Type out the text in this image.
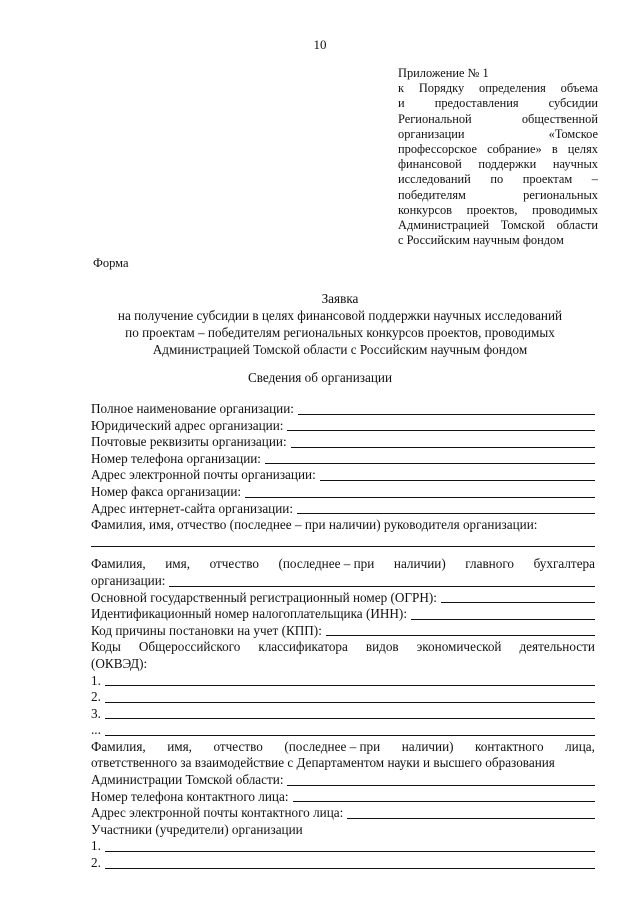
10
Приложение № 1
к Порядку определения объема
и предоставления субсидии
Региональной	общественной
организации	«Томское
профессорское собрание» в целях
финансовой поддержки научных
исследований по проектам –
победителям	региональных
конкурсов проектов, проводимых
Администрацией Томской области
с Российским научным фондом
Форма
Заявка
на получение субсидии в целях финансовой поддержки научных исследований
по проектам – победителям региональных конкурсов проектов, проводимых
Администрацией Томской области с Российским научным фондом
Сведения об организации
Полное наименование организации:
Юридический адрес организации:
Почтовые реквизиты организации:
Номер телефона организации:
Адрес электронной почты организации:
Номер факса организации:
Адрес интернет-сайта организации:
Фамилия, имя, отчество (последнее – при наличии) руководителя организации:
Фамилия, имя, отчество (последнее – при наличии) главного бухгалтера
организации:
Основной государственный регистрационный номер (ОГРН):
Идентификационный номер налогоплательщика (ИНН):
Код причины постановки на учет (КПП):
Коды Общероссийского классификатора видов экономической деятельности
(ОКВЭД):
1.
2.
3.
...
Фамилия, имя, отчество (последнее – при наличии) контактного лица,
ответственного за взаимодействие с Департаментом науки и высшего образования
Администрации Томской области:
Номер телефона контактного лица:
Адрес электронной почты контактного лица:
Участники (учредители) организации
1.
2.
